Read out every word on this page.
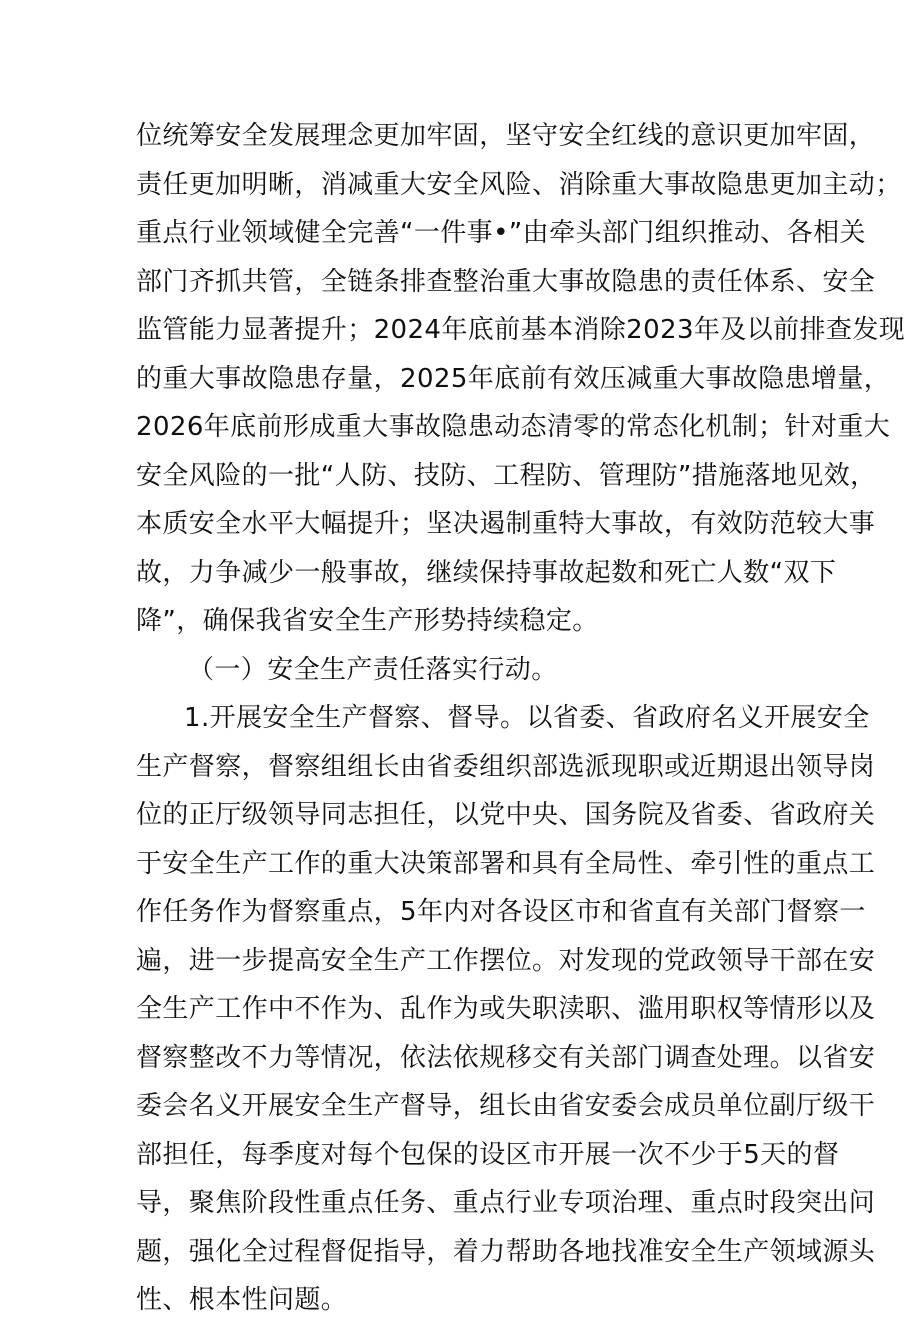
位统筹安全发展理念更加牢固，坚守安全红线的意识更加牢固，
责任更加明晰，消减重大安全风险、消除重大事故隐患更加主动；
重点行业领域健全完善“一件事•”由牵头部门组织推动、各相关
部门齐抓共管，全链条排查整治重大事故隐患的责任体系、安全
监管能力显著提升；2024年底前基本消除2023年及以前排查发现
的重大事故隐患存量，2025年底前有效压减重大事故隐患增量，
2026年底前形成重大事故隐患动态清零的常态化机制；针对重大
安全风险的一批“人防、技防、工程防、管理防”措施落地见效，
本质安全水平大幅提升；坚决遏制重特大事故，有效防范较大事
故，力争减少一般事故，继续保持事故起数和死亡人数“双下
降”，确保我省安全生产形势持续稳定。
（一）安全生产责任落实行动。
1.开展安全生产督察、督导。以省委、省政府名义开展安全
生产督察，督察组组长由省委组织部选派现职或近期退出领导岗
位的正厅级领导同志担任，以党中央、国务院及省委、省政府关
于安全生产工作的重大决策部署和具有全局性、牵引性的重点工
作任务作为督察重点，5年内对各设区市和省直有关部门督察一
遍，进一步提高安全生产工作摆位。对发现的党政领导干部在安
全生产工作中不作为、乱作为或失职渎职、滥用职权等情形以及
督察整改不力等情况，依法依规移交有关部门调查处理。以省安
委会名义开展安全生产督导，组长由省安委会成员单位副厅级干
部担任，每季度对每个包保的设区市开展一次不少于5天的督
导，聚焦阶段性重点任务、重点行业专项治理、重点时段突出问
题，强化全过程督促指导，着力帮助各地找准安全生产领域源头
性、根本性问题。
